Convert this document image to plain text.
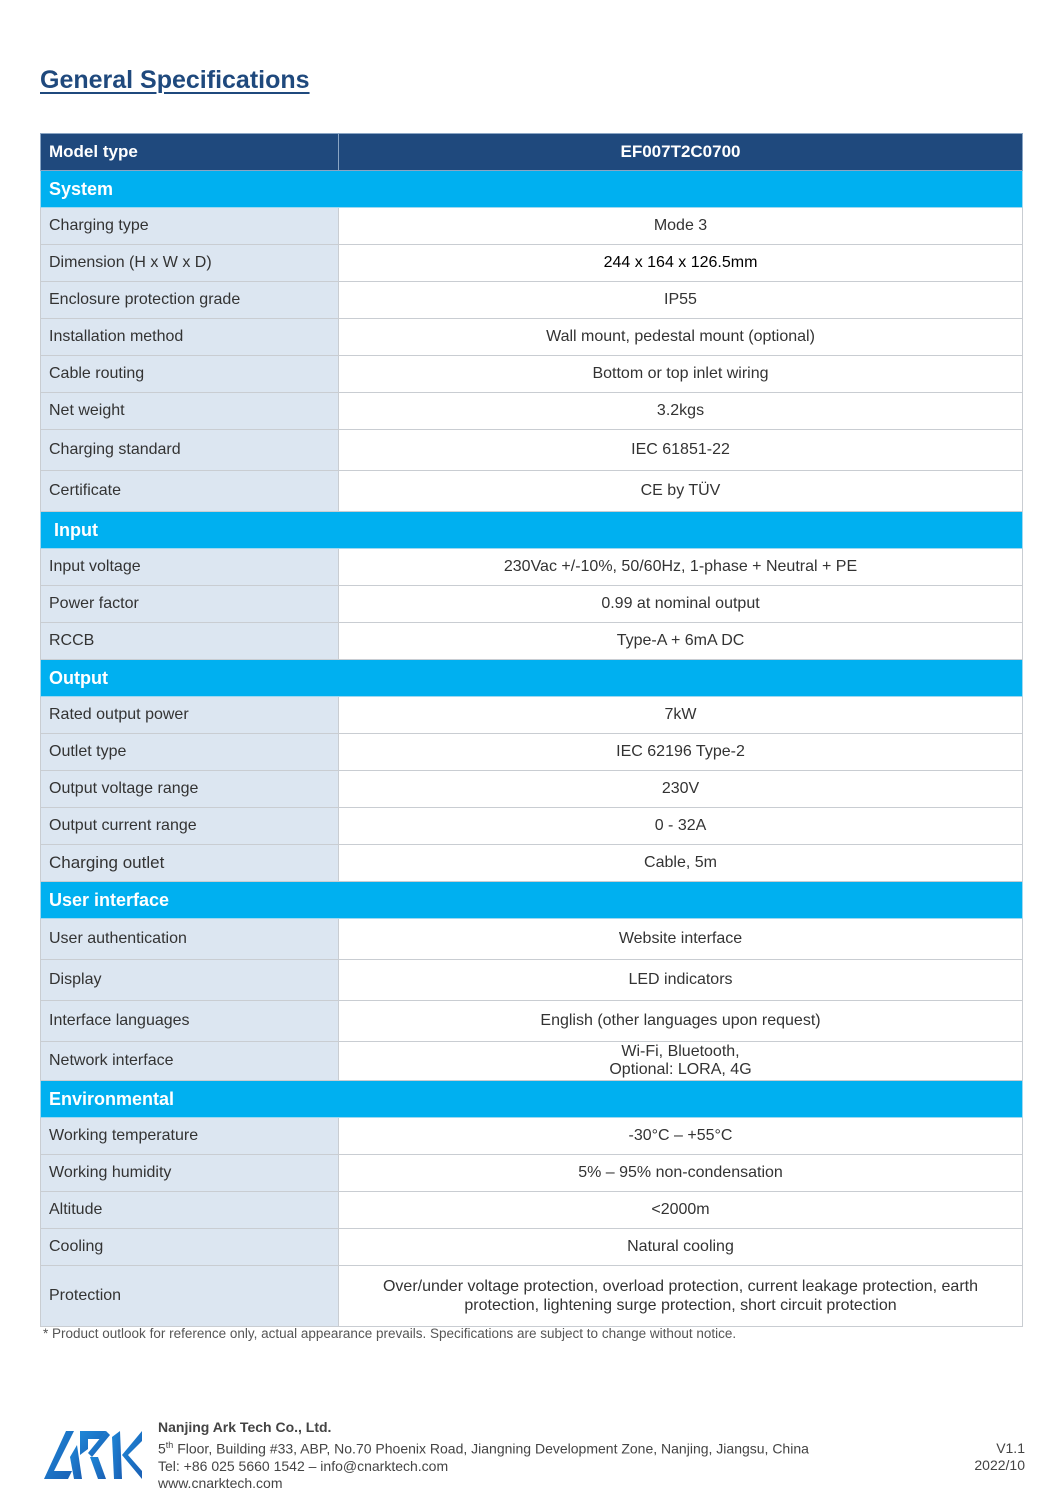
General Specifications
Model type	EF007T2C0700
System	
Charging type	Mode 3
Dimension (H x W x D)	244 x 164 x 126.5mm
Enclosure protection grade	IP55
Installation method	Wall mount, pedestal mount (optional)
Cable routing	Bottom or top inlet wiring
Net weight	3.2kgs
Charging standard	IEC 61851-22
Certificate	CE by TÜV
Input	
Input voltage	230Vac +/-10%, 50/60Hz, 1-phase + Neutral + PE
Power factor	0.99 at nominal output
RCCB	Type-A + 6mA DC
Output	
Rated output power	7kW
Outlet type	IEC 62196 Type-2
Output voltage range	230V
Output current range	0 - 32A
Charging outlet	Cable, 5m
User interface	
User authentication	Website interface
Display	LED indicators
Interface languages	English (other languages upon request)
Network interface	Wi-Fi, Bluetooth,
Optional: LORA, 4G

Environmental	
Working temperature	-30°C – +55°C
Working humidity	5% – 95% non-condensation
Altitude	<2000m
Cooling	Natural cooling
Protection	Over/under voltage protection, overload protection, current leakage protection, earth
protection, lightening surge protection, short circuit protection
* Product outlook for reference only, actual appearance prevails. Specifications are subject to change without notice.
Nanjing Ark Tech Co., Ltd.
5th Floor, Building #33, ABP, No.70 Phoenix Road, Jiangning Development Zone, Nanjing, Jiangsu, China
Tel: +86 025 5660 1542 – info@cnarktech.com
www.cnarktech.com
V1.1
2022/10
